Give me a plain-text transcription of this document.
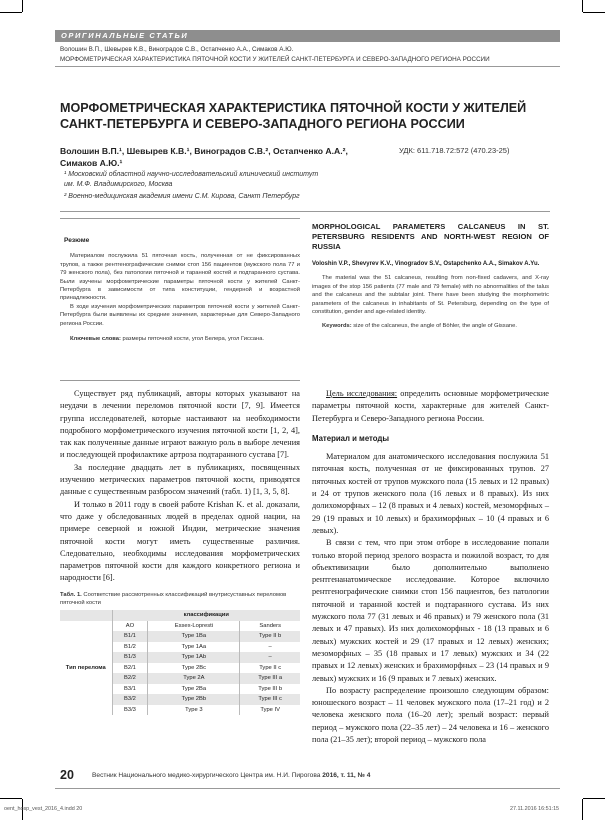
ОРИГИНАЛЬНЫЕ СТАТЬИ
Волошин В.П., Шевырев К.В., Виноградов С.В., Остапченко А.А., Симаков А.Ю.
МОРФОМЕТРИЧЕСКАЯ ХАРАКТЕРИСТИКА ПЯТОЧНОЙ КОСТИ У ЖИТЕЛЕЙ САНКТ-ПЕТЕРБУРГА И СЕВЕРО-ЗАПАДНОГО РЕГИОНА РОССИИ
МОРФОМЕТРИЧЕСКАЯ ХАРАКТЕРИСТИКА ПЯТОЧНОЙ КОСТИ У ЖИТЕЛЕЙ САНКТ-ПЕТЕРБУРГА И СЕВЕРО-ЗАПАДНОГО РЕГИОНА РОССИИ
Волошин В.П.¹, Шевырев К.В.¹, Виноградов С.В.², Остапченко А.А.²,
Симаков А.Ю.¹
УДК: 611.718.72:572 (470.23-25)
¹ Московский областной научно-исследовательский клинический институт
им. М.Ф. Владимирского, Москва
² Военно-медицинская академия имени С.М. Кирова, Санкт Петербург
Резюме

Материалом послужила 51 пяточная кость, полученная от не фиксированных трупов, а также рентгенографические снимки стоп 156 пациентов (мужского пола 77 и 79 женского пола), без патологии пяточной и таранной костей и подтаранного сустава. Были изучены морфометрические параметры пяточной кости у жителей Санкт-Петербурга в зависимости от типа конституции, гендерной и возрастной принадлежности.

В ходе изучения морфометрических параметров пяточной кости у жителей Санкт-Петербурга были выявлены их средние значения, характерные для Северо-Западного региона России.

Ключевые слова: размеры пяточной кости, угол Белера, угол Гиссана.

MORPHOLOGICAL PARAMETERS CALCANEUS IN ST. PETERSBURG RESIDENTS AND NORTH-WEST REGION OF RUSSIA
Voloshin V.P., Shevyrev K.V., Vinogradov S.V., Ostapchenko A.A., Simakov A.Yu.

The material was the 51 calcaneus, resulting from non-fixed cadavers, and X-ray images of the stop 156 patients (77 male and 79 female) with no abnormalities of the talus and the calcaneus and the subtalar joint. There have been studying the morphometric parameters of the calcaneus in inhabitants of St. Petersburg, depending on the type of constitution, gender and age-related identity.

Keywords: size of the calcaneus, the angle of Böhler, the angle of Gissane.

Существует ряд публикаций, авторы которых указывают на неудачи в лечении переломов пяточной кости [7, 9]. Имеется группа исследователей, которые настаивают на необходимости подробного морфометрического изучения пяточной кости [1, 2, 4], так как полученные данные играют важную роль в выборе лечения и последующей профилактике артроза подтаранного сустава [7].

За последние двадцать лет в публикациях, посвященных изучению метрических параметров пяточной кости, приводятся данные с существенным разбросом значений (табл. 1) [1, 3, 5, 8].

И только в 2011 году в своей работе Krishan K. et al. доказали, что даже у обследованных людей в пределах одной нации, на примере северной и южной Индии, метрические значения пяточной кости могут иметь существенные различия. Следовательно, необходимы исследования морфометрических параметров пяточной кости для каждого конкретного региона и народности [6].

Табл. 1. Соответствие рассмотренных классификаций внутрисуставных переломов пяточной кости
	классификации		
Тип перелома	AO	Essex-Lopresti	Sanders
	B1/1	Type 1Ba	Type II b
	B1/2	Type 1Aa	–
	B1/3	Type 1Ab	–
	B2/1	Type 2Bc	Type II c
	B2/2	Type 2A	Type III a
	B3/1	Type 2Ba	Type III b
	B3/2	Type 2Bb	Type III c
	B3/3	Type 3	Type IV

Цель исследования: определить основные морфометрические параметры пяточной кости, характерные для жителей Санкт-Петербурга и Северо-Западного региона России.

Материал и методы

Материалом для анатомического исследования послужила 51 пяточная кость, полученная от не фиксированных трупов. 27 пяточных костей от трупов мужского пола (15 левых и 12 правых) и 24 от трупов женского пола (16 левых и 8 правых). Из них долихоморфных – 12 (8 правых и 4 левых) костей, мезоморфных – 29 (19 правых и 10 левых) и брахиморфных – 10 (4 правых и 6 левых).

В связи с тем, что при этом отборе в исследование попали только второй период зрелого возраста и пожилой возраст, то для объективизации было дополнительно выполнено рентгенанатомическое исследование. Которое включило рентгенографические снимки стоп 156 пациентов, без патологии пяточной и таранной костей и подтаранного сустава. Из них мужского пола 77 (31 левых и 46 правых) и 79 женского пола (31 левых и 47 правых). Из них долихоморфных - 18 (13 правых и 6 левых) мужских костей и 29 (17 правых и 12 левых) женских; мезоморфных – 35 (18 правых и 17 левых) мужских и 34 (22 правых и 12 левых) женских и брахиморфных – 23 (14 правых и 9 левых) мужских и 16 (9 правых и 7 левых) женских.

По возрасту распределение произошло следующим образом: юношеского возраст – 11 человек мужского пола (17–21 год) и 2 человека женского пола (16–20 лет); зрелый возраст: первый период – мужского пола (22–35 лет) – 24 человека и 16 – женского пола (21–35 лет); второй период – мужского пола

20	Вестник Национального медико-хирургического Центра им. Н.И. Пирогова 2016, т. 11, № 4
oent_hosp_vest_2016_4.indd 20	27.11.2016 16:51:15
